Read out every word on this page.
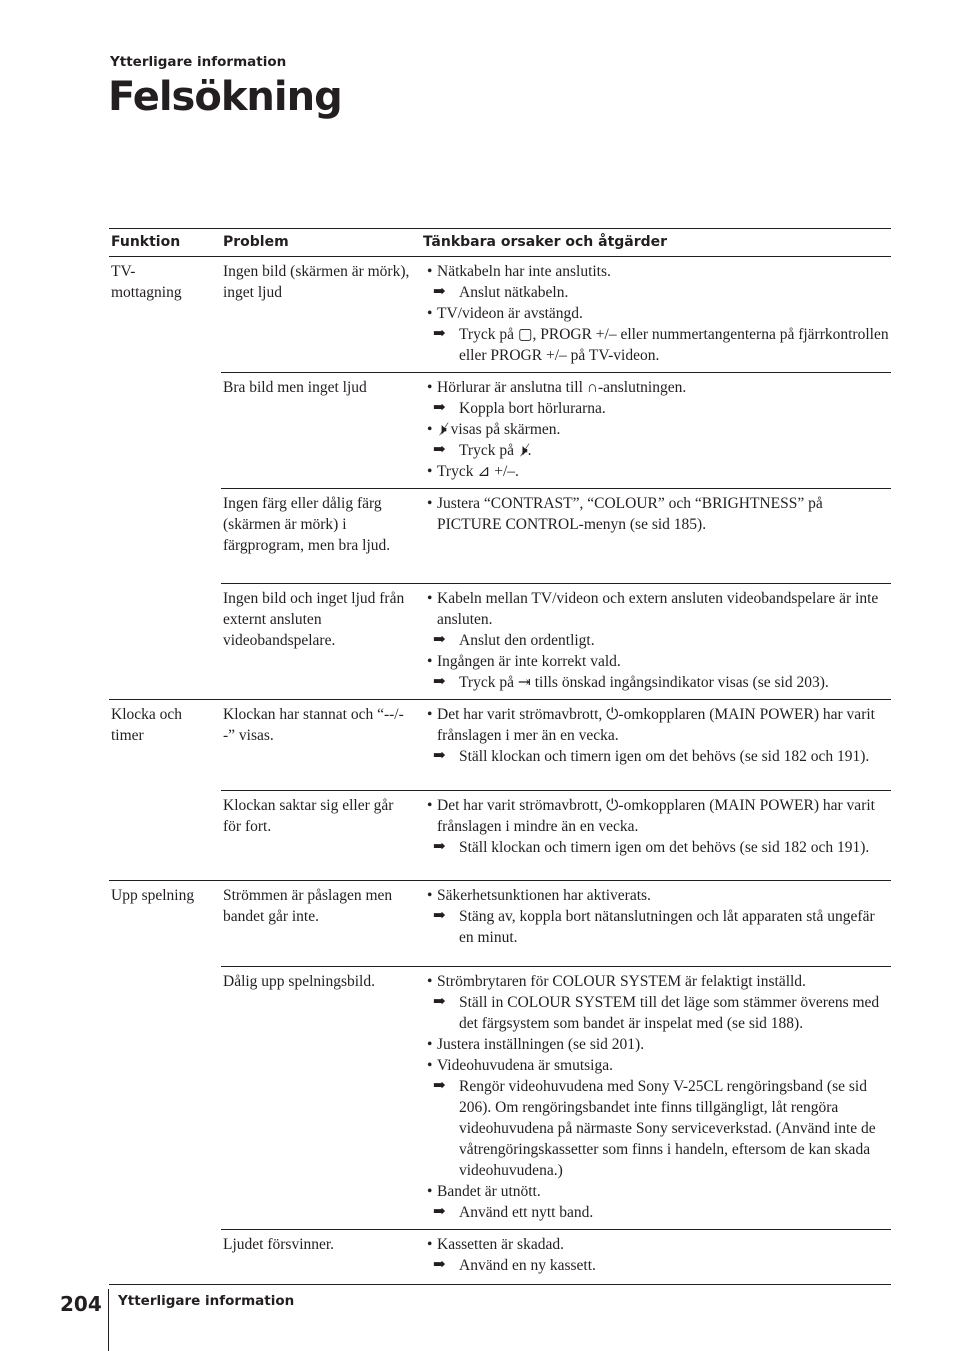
Ytterligare information
Felsökning
Funktion	Problem	Tänkbara orsaker och åtgärder
TV-
mottagning
Ingen bild (skärmen är mörk), inget ljud
• Nätkabeln har inte anslutits.
➡ Anslut nätkabeln.
• TV/videon är avstängd.
➡ Tryck på ▢, PROGR +/– eller nummertangenterna på fjärrkontrollen eller PROGR +/– på TV-videon.
Bra bild men inget ljud	• Hörlurar är anslutna till ∩-anslutningen.
➡ Koppla bort hörlurarna.
• 🕨̸ visas på skärmen.
➡ Tryck på 🕨̸.
• Tryck ⊿ +/–.
Ingen färg eller dålig färg (skärmen är mörk) i färgprogram, men bra ljud.
• Justera “CONTRAST”, “COLOUR” och “BRIGHTNESS” på PICTURE CONTROL-menyn (se sid 185).
Ingen bild och inget ljud från externt ansluten videobandspelare.
• Kabeln mellan TV/videon och extern ansluten videobandspelare är inte ansluten.
➡ Anslut den ordentligt.
• Ingången är inte korrekt vald.
➡ Tryck på ⇥ tills önskad ingångsindikator visas (se sid 203).
Klocka och timer
Klockan har stannat och “--/--” visas.
• Det har varit strömavbrott, ⏻-omkopplaren (MAIN POWER) har varit frånslagen i mer än en vecka.
➡ Ställ klockan och timern igen om det behövs (se sid 182 och 191).
Klockan saktar sig eller går för fort.
• Det har varit strömavbrott, ⏻-omkopplaren (MAIN POWER) har varit frånslagen i mindre än en vecka.
➡ Ställ klockan och timern igen om det behövs (se sid 182 och 191).
Upp spelning	Strömmen är påslagen men bandet går inte.
• Säkerhetsunktionen har aktiverats.
➡ Stäng av, koppla bort nätanslutningen och låt apparaten stå ungefär en minut.
Dålig upp spelningsbild.	• Strömbrytaren för COLOUR SYSTEM är felaktigt inställd.
➡ Ställ in COLOUR SYSTEM till det läge som stämmer överens med det färgsystem som bandet är inspelat med (se sid 188).
• Justera inställningen (se sid 201).
• Videohuvudena är smutsiga.
➡ Rengör videohuvudena med Sony V-25CL rengöringsband (se sid 206). Om rengöringsbandet inte finns tillgängligt, låt rengöra videohuvudena på närmaste Sony serviceverkstad. (Använd inte de våtrengöringskassetter som finns i handeln, eftersom de kan skada videohuvudena.)
• Bandet är utnött.
➡ Använd ett nytt band.
Ljudet försvinner.	• Kassetten är skadad.
➡ Använd en ny kassett.
204 Ytterligare information
